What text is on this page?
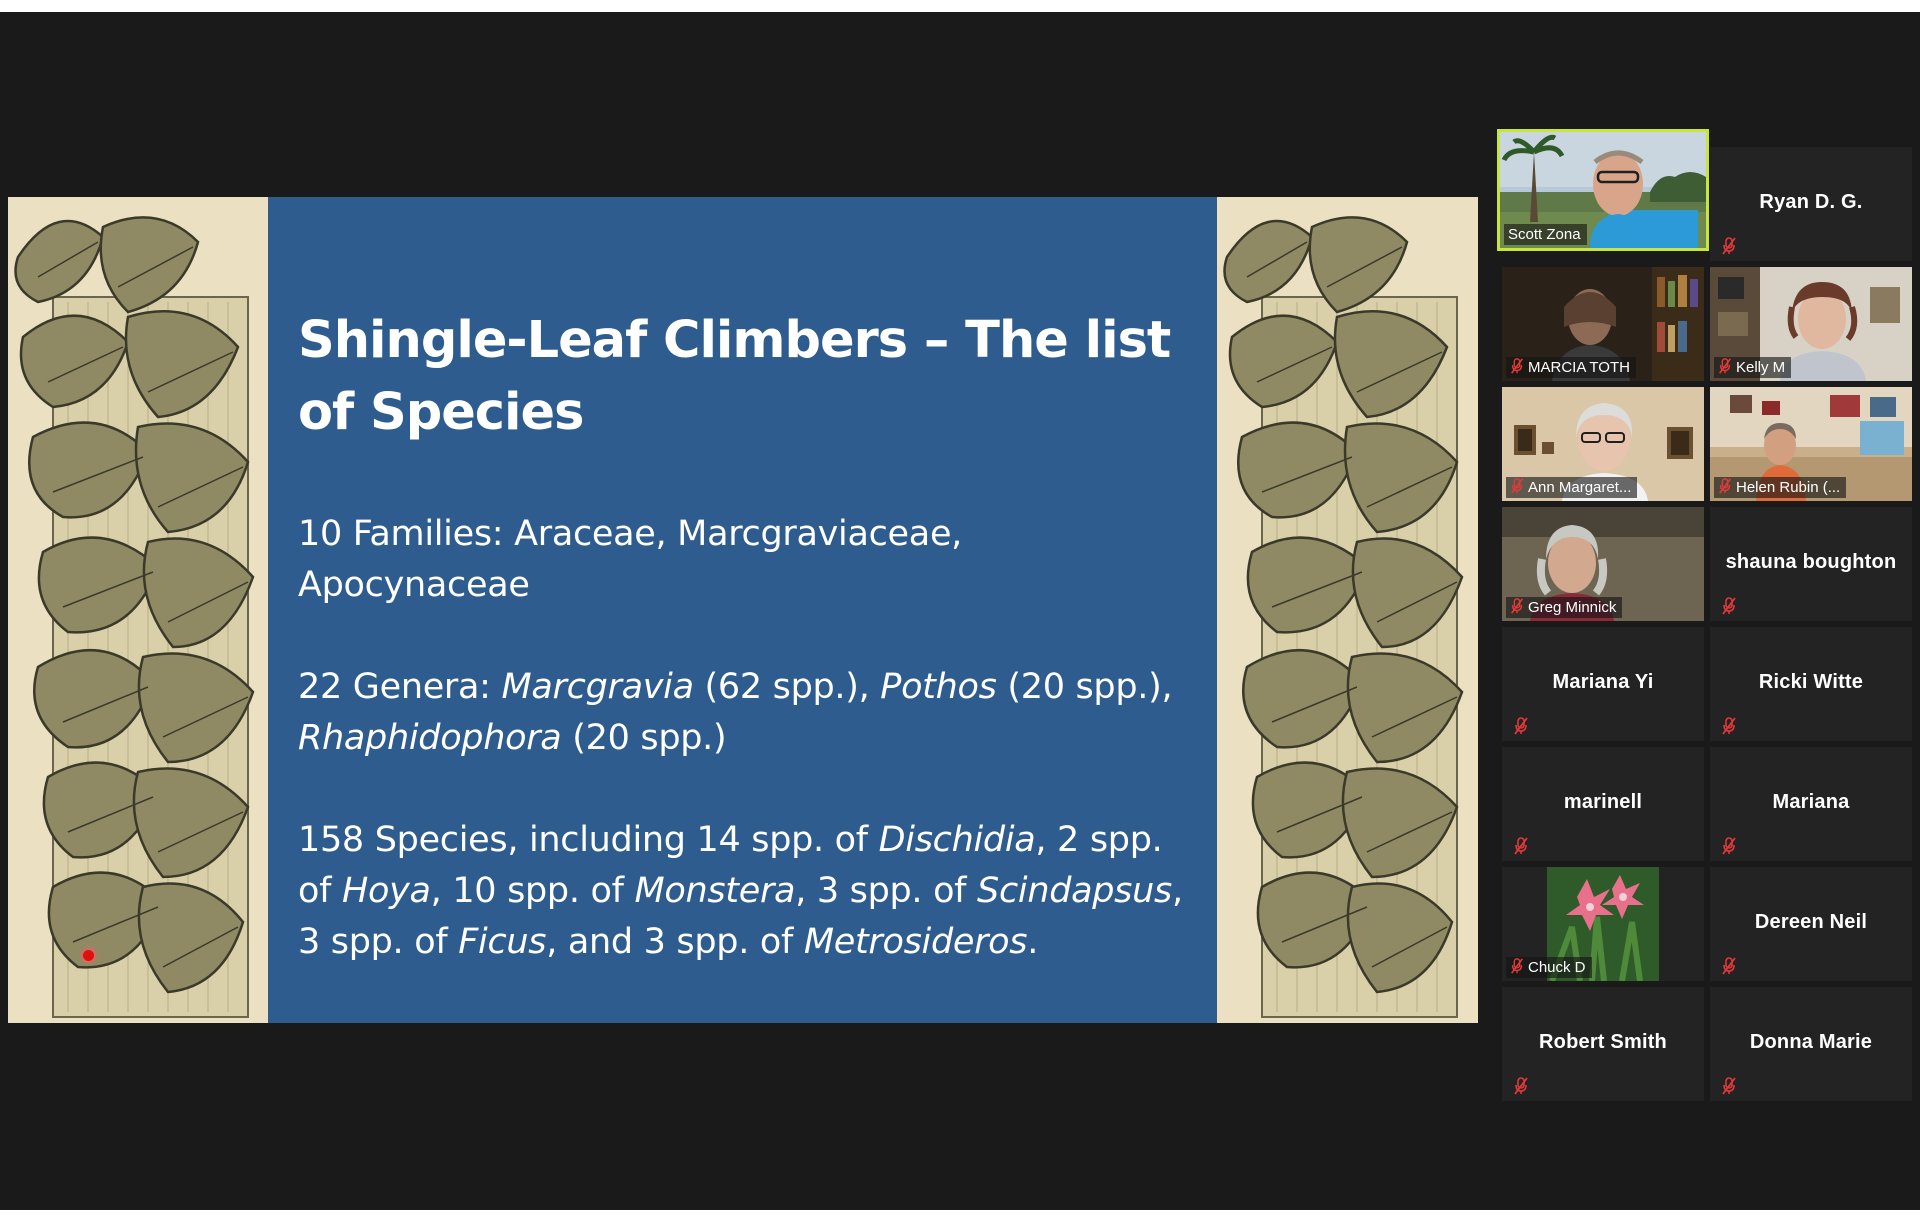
Shingle-Leaf Climbers – The list of Species
10 Families: Araceae, Marcgraviaceae, Apocynaceae
22 Genera: Marcgravia (62 spp.), Pothos (20 spp.),
Rhaphidophora (20 spp.)
158 Species, including 14 spp. of Dischidia, 2 spp. of Hoya, 10 spp. of Monstera, 3 spp. of Scindapsus, 3 spp. of Ficus, and 3 spp. of Metrosideros.
Scott Zona
Ryan D. G.
MARCIA TOTH	Kelly M
Ann Margaret...	Helen Rubin (...
Greg Minnick
shauna boughton
Mariana Yi	Ricki Witte
marinell	Mariana
Chuck D
Dereen Neil
Robert Smith	Donna Marie
